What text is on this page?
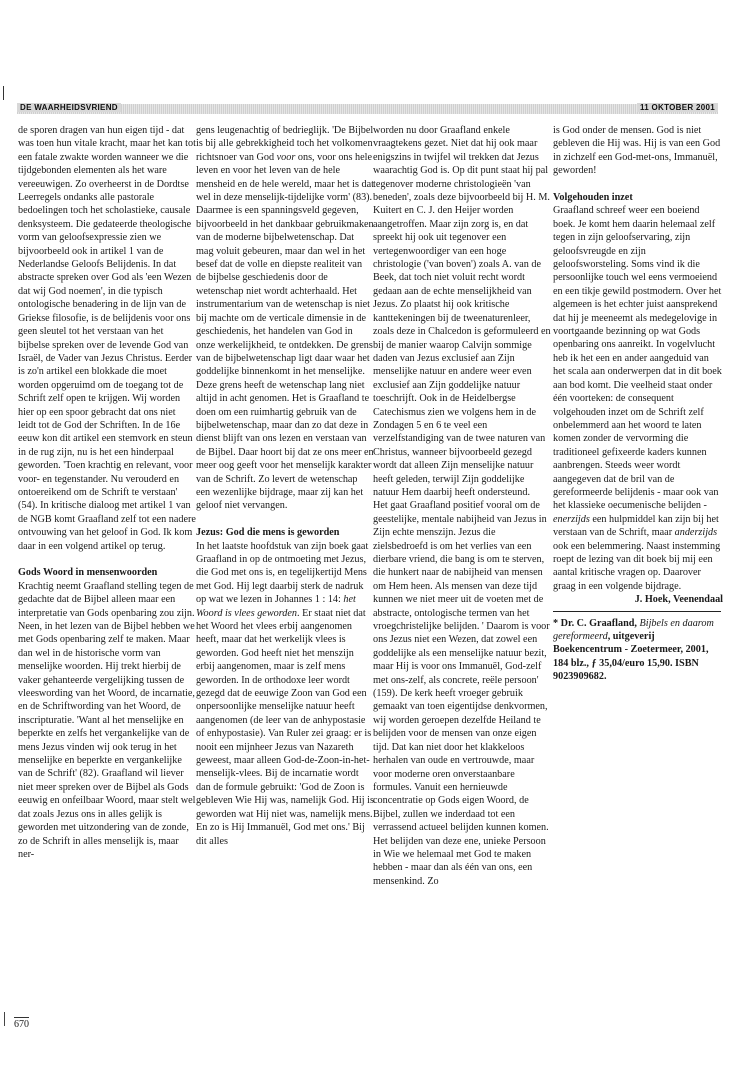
DE WAARHEIDSVRIEND	11 OKTOBER 2001

de sporen dragen van hun eigen tijd - dat was toen hun vitale kracht, maar het kan tot een fatale zwakte worden wanneer we die tijdgebonden elementen als het ware vereeuwigen. Zo overheerst in de Dordtse Leerregels ondanks alle pastorale bedoelingen toch het scholastieke, causale denksysteem. Die gedateerde theologische vorm van geloofsexpressie zien we bijvoorbeeld ook in artikel 1 van de Nederlandse Geloofs Belijdenis. In dat abstracte spreken over God als 'een Wezen dat wij God noemen', in die typisch ontologische benadering in de lijn van de Griekse filosofie, is de belijdenis voor ons geen sleutel tot het verstaan van het bijbelse spreken over de levende God van Israël, de Vader van Jezus Christus. Eerder is zo'n artikel een blokkade die moet worden opgeruimd om de toegang tot de Schrift zelf open te krijgen. Wij worden hier op een spoor gebracht dat ons niet leidt tot de God der Schriften. In de 16e eeuw kon dit artikel een stemvork en steun in de rug zijn, nu is het een hinderpaal geworden. 'Toen krachtig en relevant, voor voor- en tegenstander. Nu verouderd en ontoereikend om de Schrift te verstaan' (54). In kritische dialoog met artikel 1 van de NGB komt Graafland zelf tot een nadere ontvouwing van het geloof in God. Ik kom daar in een volgend artikel op terug.

Gods Woord in mensenwoorden

Krachtig neemt Graafland stelling tegen de gedachte dat de Bijbel alleen maar een interpretatie van Gods openbaring zou zijn. Neen, in het lezen van de Bijbel hebben we met Gods openbaring zelf te maken. Maar dan wel in de historische vorm van menselijke woorden. Hij trekt hierbij de vaker gehanteerde vergelijking tussen de vleeswording van het Woord, de incarnatie, en de Schriftwording van het Woord, de inscripturatie. 'Want al het menselijke en beperkte en zelfs het vergankelijke van de mens Jezus vinden wij ook terug in het menselijke en beperkte en vergankelijke van de Schrift' (82). Graafland wil liever niet meer spreken over de Bijbel als Gods eeuwig en onfeilbaar Woord, maar stelt wel dat zoals Jezus ons in alles gelijk is geworden met uitzondering van de zonde, zo de Schrift in alles menselijk is, maar ner-

gens leugenachtig of bedrieglijk. 'De Bijbel is bij alle gebrekkigheid toch het volkomen richtsnoer van God voor ons, voor ons hele leven en voor het leven van de hele mensheid en de hele wereld, maar het is dat wel in deze menselijk-tijdelijke vorm' (83). Daarmee is een spanningsveld gegeven, bijvoorbeeld in het dankbaar gebruikmaken van de moderne bijbelwetenschap. Dat mag voluit gebeuren, maar dan wel in het besef dat de volle en diepste realiteit van de bijbelse geschiedenis door de wetenschap niet wordt achterhaald. Het instrumentarium van de wetenschap is niet bij machte om de verticale dimensie in de geschiedenis, het handelen van God in onze werkelijkheid, te ontdekken. De grens van de bijbelwetenschap ligt daar waar het goddelijke binnenkomt in het menselijke. Deze grens heeft de wetenschap lang niet altijd in acht genomen. Het is Graafland te doen om een ruimhartig gebruik van de bijbelwetenschap, maar dan zo dat deze in dienst blijft van ons lezen en verstaan van de Bijbel. Daar hoort bij dat ze ons meer en meer oog geeft voor het menselijk karakter van de Schrift. Zo levert de wetenschap een wezenlijke bijdrage, maar zij kan het geloof niet vervangen.

Jezus: God die mens is geworden

In het laatste hoofdstuk van zijn boek gaat Graafland in op de ontmoeting met Jezus, die God met ons is, en tegelijkertijd Mens met God. Hij legt daarbij sterk de nadruk op wat we lezen in Johannes 1 : 14: het Woord is vlees geworden. Er staat niet dat het Woord het vlees erbij aangenomen heeft, maar dat het werkelijk vlees is geworden. God heeft niet het menszijn erbij aangenomen, maar is zelf mens geworden. In de orthodoxe leer wordt gezegd dat de eeuwige Zoon van God een onpersoonlijke menselijke natuur heeft aangenomen (de leer van de anhypostasie of enhypostasie). Van Ruler zei graag: er is nooit een mijnheer Jezus van Nazareth geweest, maar alleen God-de-Zoon-in-het-menselijk-vlees. Bij de incarnatie wordt dan de formule gebruikt: 'God de Zoon is gebleven Wie Hij was, namelijk God. Hij is geworden wat Hij niet was, namelijk mens. En zo is Hij Immanuël, God met ons.' Bij dit alles

worden nu door Graafland enkele vraagtekens gezet. Niet dat hij ook maar enigszins in twijfel wil trekken dat Jezus waarachtig God is. Op dit punt staat hij pal tegenover moderne christologieën 'van beneden', zoals deze bijvoorbeeld bij H. M. Kuitert en C. J. den Heijer worden aangetroffen. Maar zijn zorg is, en dat spreekt hij ook uit tegenover een vertegenwoordiger van een hoge christologie ('van boven') zoals A. van de Beek, dat toch niet voluit recht wordt gedaan aan de echte menselijkheid van Jezus. Zo plaatst hij ook kritische kanttekeningen bij de tweenaturenleer, zoals deze in Chalcedon is geformuleerd en bij de manier waarop Calvijn sommige daden van Jezus exclusief aan Zijn menselijke natuur en andere weer even exclusief aan Zijn goddelijke natuur toeschrijft. Ook in de Heidelbergse Catechismus zien we volgens hem in de Zondagen 5 en 6 te veel een verzelfstandiging van de twee naturen van Christus, wanneer bijvoorbeeld gezegd wordt dat alleen Zijn menselijke natuur heeft geleden, terwijl Zijn goddelijke natuur Hem daarbij heeft ondersteund.

Het gaat Graafland positief vooral om de geestelijke, mentale nabijheid van Jezus in Zijn echte menszijn. Jezus die zielsbedroefd is om het verlies van een dierbare vriend, die bang is om te sterven, die hunkert naar de nabijheid van mensen om Hem heen. Als mensen van deze tijd kunnen we niet meer uit de voeten met de abstracte, ontologische termen van het vroegchristelijke belijden. ' Daarom is voor ons Jezus niet een Wezen, dat zowel een goddelijke als een menselijke natuur bezit, maar Hij is voor ons Immanuël, God-zelf met ons-zelf, als concrete, reële persoon' (159). De kerk heeft vroeger gebruik gemaakt van toen eigentijdse denkvormen, wij worden geroepen dezelfde Heiland te belijden voor de mensen van onze eigen tijd. Dat kan niet door het klakkeloos herhalen van oude en vertrouwde, maar voor moderne oren onverstaanbare formules. Vanuit een hernieuwde concentratie op Gods eigen Woord, de Bijbel, zullen we inderdaad tot een verrassend actueel belijden kunnen komen. Het belijden van deze ene, unieke Persoon in Wie we helemaal met God te maken hebben - maar dan als één van ons, een mensenkind. Zo

is God onder de mensen. God is niet gebleven die Hij was. Hij is van een God in zichzelf een God-met-ons, Immanuël, geworden!

Volgehouden inzet

Graafland schreef weer een boeiend boek. Je komt hem daarin helemaal zelf tegen in zijn geloofservaring, zijn geloofsvreugde en zijn geloofsworsteling. Soms vind ik die persoonlijke touch wel eens vermoeiend en een tikje gewild postmodern. Over het algemeen is het echter juist aansprekend dat hij je meeneemt als medegelovige in voortgaande bezinning op wat Gods openbaring ons aanreikt. In vogelvlucht heb ik het een en ander aangeduid van het scala aan onderwerpen dat in dit boek aan bod komt. Die veelheid staat onder één voorteken: de consequent volgehouden inzet om de Schrift zelf onbelemmerd aan het woord te laten komen zonder de vervorming die traditioneel gefixeerde kaders kunnen aanbrengen. Steeds weer wordt aangegeven dat de bril van de gereformeerde belijdenis - maar ook van het klassieke oecumenische belijden - enerzijds een hulpmiddel kan zijn bij het verstaan van de Schrift, maar anderzijds ook een belemmering. Naast instemming roept de lezing van dit boek bij mij een aantal kritische vragen op. Daarover graag in een volgende bijdrage.

J. Hoek, Veenendaal

* Dr. C. Graafland, Bijbels en daarom gereformeerd, uitgeverij Boekencentrum - Zoetermeer, 2001, 184 blz., ƒ 35,04/euro 15,90. ISBN 9023909682.

670
